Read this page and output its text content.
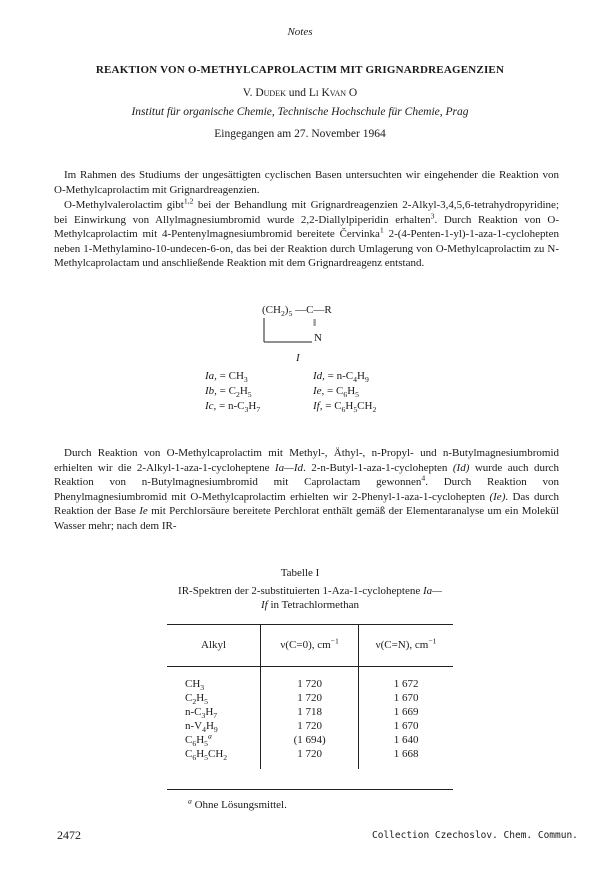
Notes
REAKTION VON O-METHYLCAPROLACTIM MIT GRIGNARDREAGENZIEN
V. Dudek und Li Kvan O
Institut für organische Chemie, Technische Hochschule für Chemie, Prag
Eingegangen am 27. November 1964

Im Rahmen des Studiums der ungesättigten cyclischen Basen untersuchten wir eingehender die Reaktion von O-Methylcaprolactim mit Grignardreagenzien.

O-Methylvalerolactim gibt$^{1,2}$ bei der Behandlung mit Grignardreagenzien 2-Alkyl-3,4,5,6-tetrahydropyridine; bei Einwirkung von Allylmagnesiumbromid wurde 2,2-Diallylpiperidin erhalten$^3$. Durch Reaktion von O-Methylcaprolactim mit 4-Pentenylmagnesiumbromid bereitete Červinka$^1$ 2-(4-Penten-1-yl)-1-aza-1-cyclohepten neben 1-Methylamino-10-undecen-6-on, das bei der Reaktion durch Umlagerung von O-Methylcaprolactim zu N-Methylcaprolactam und anschließende Reaktion mit dem Grignardreagenz entstand.

$(CH_2)_5$ —C—R
‖
N
I
Ia, = $CH_3$	Id, = $n-C_4H_9$
Ib, = $C_2H_5$	Ie, = $C_6H_5$
Ic, = $n-C_3H_7$	If, = $C_6H_5CH_2$

Durch Reaktion von O-Methylcaprolactim mit Methyl-, Äthyl-, n-Propyl- und n-Butylmagnesiumbromid erhielten wir die 2-Alkyl-1-aza-1-cycloheptene Ia—Id. 2-n-Butyl-1-aza-1-cyclohepten (Id) wurde auch durch Reaktion von n-Butylmagnesiumbromid mit Caprolactam gewonnen$^4$. Durch Reaktion von Phenylmagnesiumbromid mit O-Methylcaprolactim erhielten wir 2-Phenyl-1-aza-1-cyclohepten (Ie). Das durch Reaktion der Base Ie mit Perchlorsäure bereitete Perchlorat enthält gemäß der Elementaranalyse um ein Molekül Wasser mehr; nach dem IR-

Tabelle I
IR-Spektren der 2-substituierten 1-Aza-1-cycloheptene Ia—If in Tetrachlormethan
Alkyl	ν(C=0), $cm^{-1}$	ν(C=N), $cm^{-1}$
$CH_3$	1 720	1 672
$C_2H_5$	1 720	1 670
$n-C_3H_7$	1 718	1 669
$n-V_4H_9$	1 720	1 670
$C_6H_5^a$	(1 694)	1 640
$C_6H_5CH_2$	1 720	1 668
$^a$ Ohne Lösungsmittel.
2472	Collection Czechoslov. Chem. Commun.
